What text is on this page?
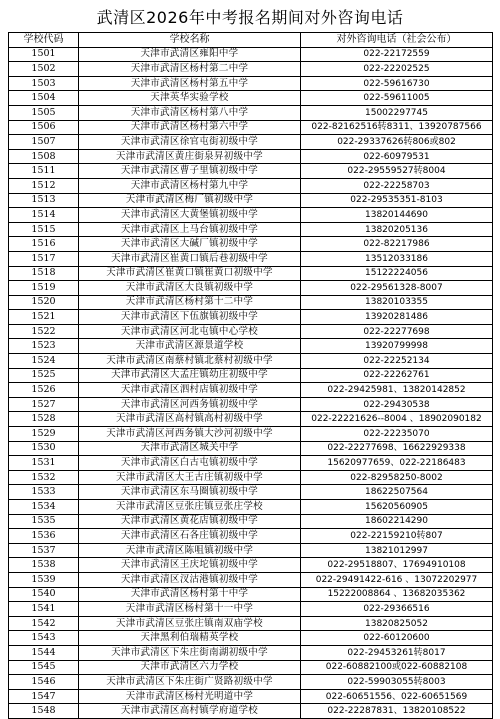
武清区2026年中考报名期间对外咨询电话
学校代码	学校名称	对外咨询电话（社会公布）
1501	天津市武清区雍阳中学	022-22172559
1502	天津市武清区杨村第二中学	022-22202525
1503	天津市武清区杨村第五中学	022-59616730
1504	天津英华实验学校	022-59611005
1505	天津市武清区杨村第八中学	15002297745
1506	天津市武清区杨村第六中学	022-82162516转8311、13920787566
1507	天津市武清区徐官屯街初级中学	022-29337626转806或802
1508	天津市武清区黄庄街泉昇初级中学	022-60979531
1511	天津市武清区曹子里镇初级中学	022-29559527转8004
1512	天津市武清区杨村第九中学	022-22258703
1513	天津市武清区梅厂镇初级中学	022-29535351-8103
1514	天津市武清区大黄堡镇初级中学	13820144690
1515	天津市武清区上马台镇初级中学	13820205136
1516	天津市武清区大碱厂镇初级中学	022-82217986
1517	天津市武清区崔黄口镇后巷初级中学	13512033186
1518	天津市武清区崔黄口镇崔黄口初级中学	15122224056
1519	天津市武清区大良镇初级中学	022-29561328-8007
1520	天津市武清区杨村第十二中学	13820103355
1521	天津市武清区下伍旗镇初级中学	13920281486
1522	天津市武清区河北屯镇中心学校	022-22277698
1523	天津市武清区源景道学校	13920799998
1524	天津市武清区南蔡村镇北蔡村初级中学	022-22252134
1525	天津市武清区大孟庄镇幼庄初级中学	022-22262761
1526	天津市武清区泗村店镇初级中学	022-29425981、13820142852
1527	天津市武清区河西务镇初级中学	022-29430538
1528	天津市武清区高村镇高村初级中学	022-22221626--8004 、18902090182
1529	天津市武清区河西务镇大沙河初级中学	022-22235070
1530	天津市武清区城关中学	022-22277698、16622929338
1531	天津市武清区白古屯镇初级中学	15620977659、022-22186483
1532	天津市武清区大王古庄镇初级中学	022-82958250-8002
1533	天津市武清区东马圈镇初级中学	18622507564
1534	天津市武清区豆张庄镇豆张庄学校	15620560905
1535	天津市武清区黄花店镇初级中学	18602214290
1536	天津市武清区石各庄镇初级中学	022-22159210转807
1537	天津市武清区陈咀镇初级中学	13821012997
1538	天津市武清区王庆坨镇初级中学	022-29518807、17694910108
1539	天津市武清区汊沽港镇初级中学	022-29491422-616 、13072202977
1540	天津市武清区杨村第十中学	15222008864 、13682035362
1541	天津市武清区杨村第十一中学	022-29366516
1542	天津市武清区豆张庄镇南双庙学校	13820825052
1543	天津黑利伯瑞精英学校	022-60120600
1544	天津市武清区下朱庄街南湖初级中学	022-29453261转8017
1545	天津市武清区六力学校	022-60882100或022-60882108
1546	天津市武清区下朱庄街广贤路初级中学	022-59903055转8003
1547	天津市武清区杨村光明道中学	022-60651556、022-60651569
1548	天津市武清区高村镇学府道学校	022-22287831、13820108522
